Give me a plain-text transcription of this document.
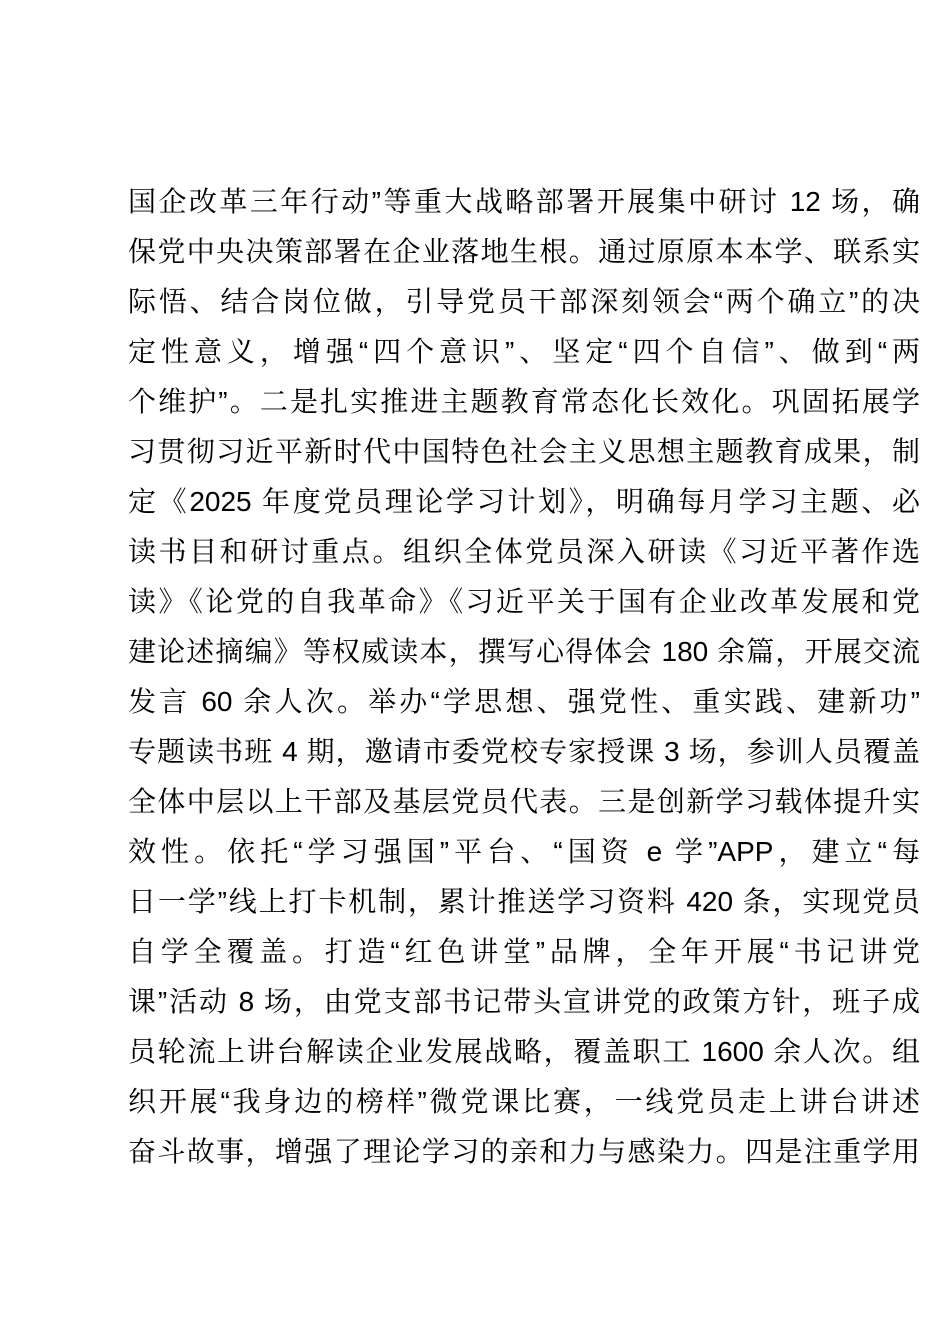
国企改革三年行动”等重大战略部署开展集中研讨 12 场，确
保党中央决策部署在企业落地生根。通过原原本本学、联系实
际悟、结合岗位做，引导党员干部深刻领会“两个确立”的决
定性意义，增强“四个意识”、坚定“四个自信”、做到“两
个维护”。二是扎实推进主题教育常态化长效化。巩固拓展学
习贯彻习近平新时代中国特色社会主义思想主题教育成果，制
定《2025 年度党员理论学习计划》，明确每月学习主题、必
读书目和研讨重点。组织全体党员深入研读《习近平著作选
读》《论党的自我革命》《习近平关于国有企业改革发展和党
建论述摘编》等权威读本，撰写心得体会 180 余篇，开展交流
发言 60 余人次。举办“学思想、强党性、重实践、建新功”
专题读书班 4 期，邀请市委党校专家授课 3 场，参训人员覆盖
全体中层以上干部及基层党员代表。三是创新学习载体提升实
效性。依托“学习强国”平台、“国资 e 学”APP，建立“每
日一学”线上打卡机制，累计推送学习资料 420 条，实现党员
自学全覆盖。打造“红色讲堂”品牌，全年开展“书记讲党
课”活动 8 场，由党支部书记带头宣讲党的政策方针，班子成
员轮流上讲台解读企业发展战略，覆盖职工 1600 余人次。组
织开展“我身边的榜样”微党课比赛，一线党员走上讲台讲述
奋斗故事，增强了理论学习的亲和力与感染力。四是注重学用
